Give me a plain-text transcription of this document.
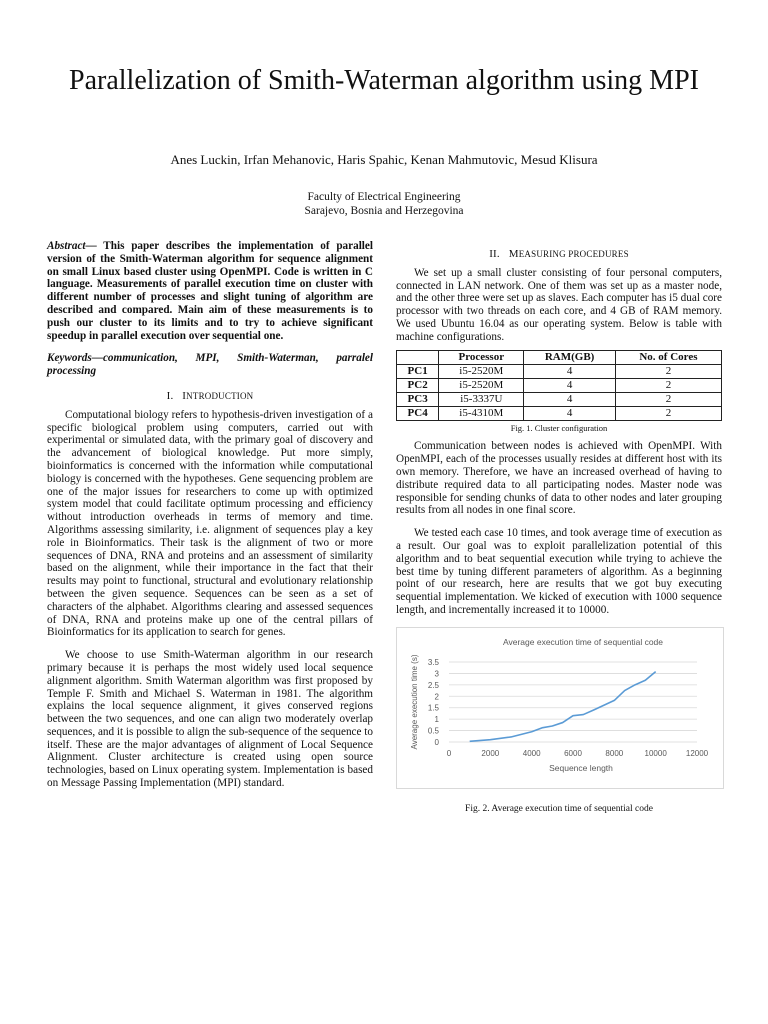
Parallelization of Smith-Waterman algorithm using MPI
Anes Luckin, Irfan Mehanovic, Haris Spahic, Kenan Mahmutovic, Mesud Klisura
Faculty of Electrical Engineering
Sarajevo, Bosnia and Herzegovina

Abstract— This paper describes the implementation of parallel version of the Smith-Waterman algorithm for sequence alignment on small Linux based cluster using OpenMPI. Code is written in C language. Measurements of parallel execution time on cluster with different number of processes and slight tuning of algorithm are described and compared. Main aim of these measurements is to push our cluster to its limits and to try to achieve significant speedup in parallel execution over sequential one.

Keywords—communication, MPI, Smith-Waterman, parralel processing

I. INTRODUCTION

Computational biology refers to hypothesis-driven investigation of a specific biological problem using computers, carried out with experimental or simulated data, with the primary goal of discovery and the advancement of biological knowledge. Put more simply, bioinformatics is concerned with the information while computational biology is concerned with the hypotheses. Gene sequencing problem are one of the major issues for researchers to come up with optimized system model that could facilitate optimum processing and efficiency without introduction overheads in terms of memory and time. Algorithms assessing similarity, i.e. alignment of sequences play a key role in Bioinformatics. Their task is the alignment of two or more sequences of DNA, RNA and proteins and an assessment of similarity based on the alignment, while their importance in the fact that their results may point to functional, structural and evolutionary relationship between the given sequence. Sequences can be seen as a set of characters of the alphabet. Algorithms clearing and assessed sequences of DNA, RNA and proteins make up one of the central pillars of Bioinformatics for its application to search for genes.

We choose to use Smith-Waterman algorithm in our research primary because it is perhaps the most widely used local sequence alignment algorithm. Smith Waterman algorithm was first proposed by Temple F. Smith and Michael S. Waterman in 1981. The algorithm explains the local sequence alignment, it gives conserved regions between the two sequences, and one can align two moderately overlap sequences, and it is possible to align the sub-sequence of the sequence to itself. These are the major advantages of alignment of Local Sequence Alignment. Cluster architecture is created using open source technologies, based on Linux operating system. Implementation is based on Message Passing Implementation (MPI) standard.

II. MEASURING PROCEDURES

We set up a small cluster consisting of four personal computers, connected in LAN network. One of them was set up as a master node, and the other three were set up as slaves. Each computer has i5 dual core processor with two threads on each core, and 4 GB of RAM memory. We used Ubuntu 16.04 as our operating system. Below is table with machine configurations.

	Processor	RAM(GB)	No. of Cores
PC1	i5-2520M	4	2
PC2	i5-2520M	4	2
PC3	i5-3337U	4	2
PC4	i5-4310M	4	2
Fig. 1. Cluster configuration

Communication between nodes is achieved with OpenMPI. With OpenMPI, each of the processes usually resides at different host with its own memory. Therefore, we have an increased overhead of having to distribute required data to all participating nodes. Master node was responsible for sending chunks of data to other nodes and later grouping results from all nodes in one final score.

We tested each case 10 times, and took average time of execution as a result. Our goal was to exploit parallelization potential of this algorithm and to beat sequential execution while trying to achieve the best time by tuning different parameters of algorithm. As a beginning point of our research, here are results that we got buy executing sequential implementation. We kicked of execution with 1000 sequence length, and incrementally increased it to 10000.

Average execution time of sequential code
0
0.5
1
1.5
2
2.5
3
3.5
0	2000	4000	6000	8000	10000 12000
Sequence length
Average execution time (s)
Fig. 2. Average execution time of sequential code
